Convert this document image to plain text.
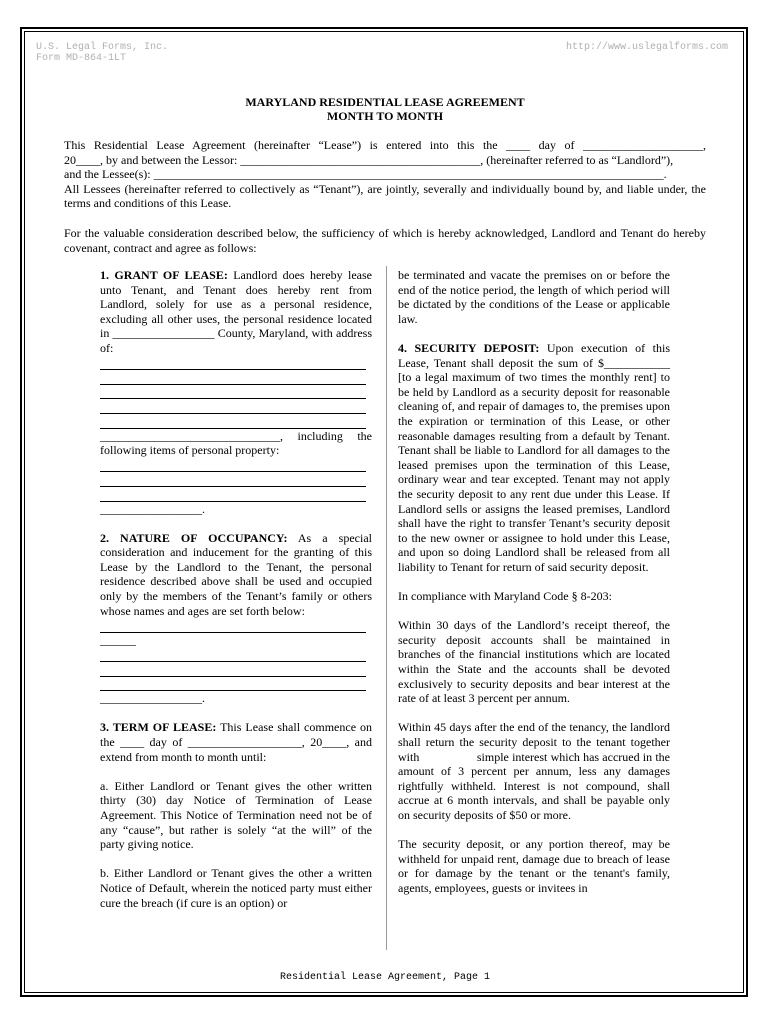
U.S. Legal Forms, Inc.
Form MD-864-1LT
http://www.uslegalforms.com
MARYLAND RESIDENTIAL LEASE AGREEMENT
MONTH TO MONTH

This Residential Lease Agreement (hereinafter “Lease”) is entered into this the ____ day of ____________________,

20____, by and between the Lessor: ________________________________________, (hereinafter referred to as “Landlord”),

and the Lessee(s): _____________________________________________________________________________________.

All Lessees (hereinafter referred to collectively as “Tenant”), are jointly, severally and individually bound by, and liable under, the terms and conditions of this Lease.

For the valuable consideration described below, the sufficiency of which is hereby acknowledged, Landlord and Tenant do hereby covenant, contract and agree as follows:

1. GRANT OF LEASE: Landlord does hereby lease unto Tenant, and Tenant does hereby rent from Landlord, solely for use as a personal residence, excluding all other uses, the personal residence located in _________________ County, Maryland, with address of:

______________________________, including the following items of personal property:

_________________.

2. NATURE OF OCCUPANCY: As a special consideration and inducement for the granting of this Lease by the Landlord to the Tenant, the personal residence described above shall be used and occupied only by the members of the Tenant’s family or others whose names and ages are set forth below:

______

_________________.

3. TERM OF LEASE: This Lease shall commence on the ____ day of ___________________, 20____, and extend from month to month until:

a. Either Landlord or Tenant gives the other written thirty (30) day Notice of Termination of Lease Agreement. This Notice of Termination need not be of any “cause”, but rather is solely “at the will” of the party giving notice.

b. Either Landlord or Tenant gives the other a written Notice of Default, wherein the noticed party must either cure the breach (if cure is an option) or

be terminated and vacate the premises on or before the end of the notice period, the length of which period will be dictated by the conditions of the Lease or applicable law.

4. SECURITY DEPOSIT: Upon execution of this Lease, Tenant shall deposit the sum of $___________ [to a legal maximum of two times the monthly rent] to be held by Landlord as a security deposit for reasonable cleaning of, and repair of damages to, the premises upon the expiration or termination of this Lease, or other reasonable damages resulting from a default by Tenant. Tenant shall be liable to Landlord for all damages to the leased premises upon the termination of this Lease, ordinary wear and tear excepted. Tenant may not apply the security deposit to any rent due under this Lease. If Landlord sells or assigns the leased premises, Landlord shall have the right to transfer Tenant’s security deposit to the new owner or assignee to hold under this Lease, and upon so doing Landlord shall be released from all liability to Tenant for return of said security deposit.

In compliance with Maryland Code § 8-203:

Within 30 days of the Landlord’s receipt thereof, the security deposit accounts shall be maintained in branches of the financial institutions which are located within the State and the accounts shall be devoted exclusively to security deposits and bear interest at the rate of at least 3 percent per annum.

Within 45 days after the end of the tenancy, the landlord                shall return the security deposit to the tenant together with                  simple interest which has accrued in the amount of 3 percent per annum, less any damages rightfully withheld. Interest is not compound, shall accrue at 6 month intervals, and shall be payable only on security deposits of $50 or more.

The security deposit, or any portion thereof, may be withheld for unpaid rent, damage due to breach of lease or for damage by the tenant or the tenant's family, agents, employees, guests or invitees in

Residential Lease Agreement, Page 1
